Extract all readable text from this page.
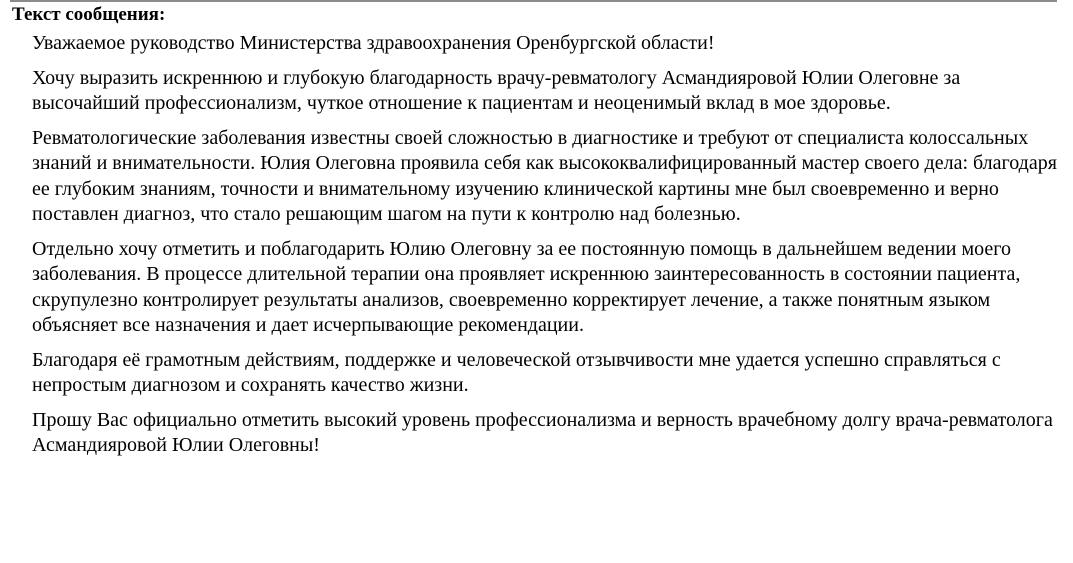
Текст сообщения:

Уважаемое руководство Министерства здравоохранения Оренбургской области!

Хочу выразить искреннюю и глубокую благодарность врачу-ревматологу Асмандияровой Юлии Олеговне за высочайший профессионализм, чуткое отношение к пациентам и неоценимый вклад в мое здоровье.

Ревматологические заболевания известны своей сложностью в диагностике и требуют от специалиста колоссальных знаний и внимательности. Юлия Олеговна проявила себя как высококвалифицированный мастер своего дела: благодаря ее глубоким знаниям, точности и внимательному изучению клинической картины мне был своевременно и верно поставлен диагноз, что стало решающим шагом на пути к контролю над болезнью.

Отдельно хочу отметить и поблагодарить Юлию Олеговну за ее постоянную помощь в дальнейшем ведении моего заболевания. В процессе длительной терапии она проявляет искреннюю заинтересованность в состоянии пациента, скрупулезно контролирует результаты анализов, своевременно корректирует лечение, а также понятным языком объясняет все назначения и дает исчерпывающие рекомендации.

Благодаря её грамотным действиям, поддержке и человеческой отзывчивости мне удается успешно справляться с непростым диагнозом и сохранять качество жизни.

Прошу Вас официально отметить высокий уровень профессионализма и верность врачебному долгу врача-ревматолога Асмандияровой Юлии Олеговны!
